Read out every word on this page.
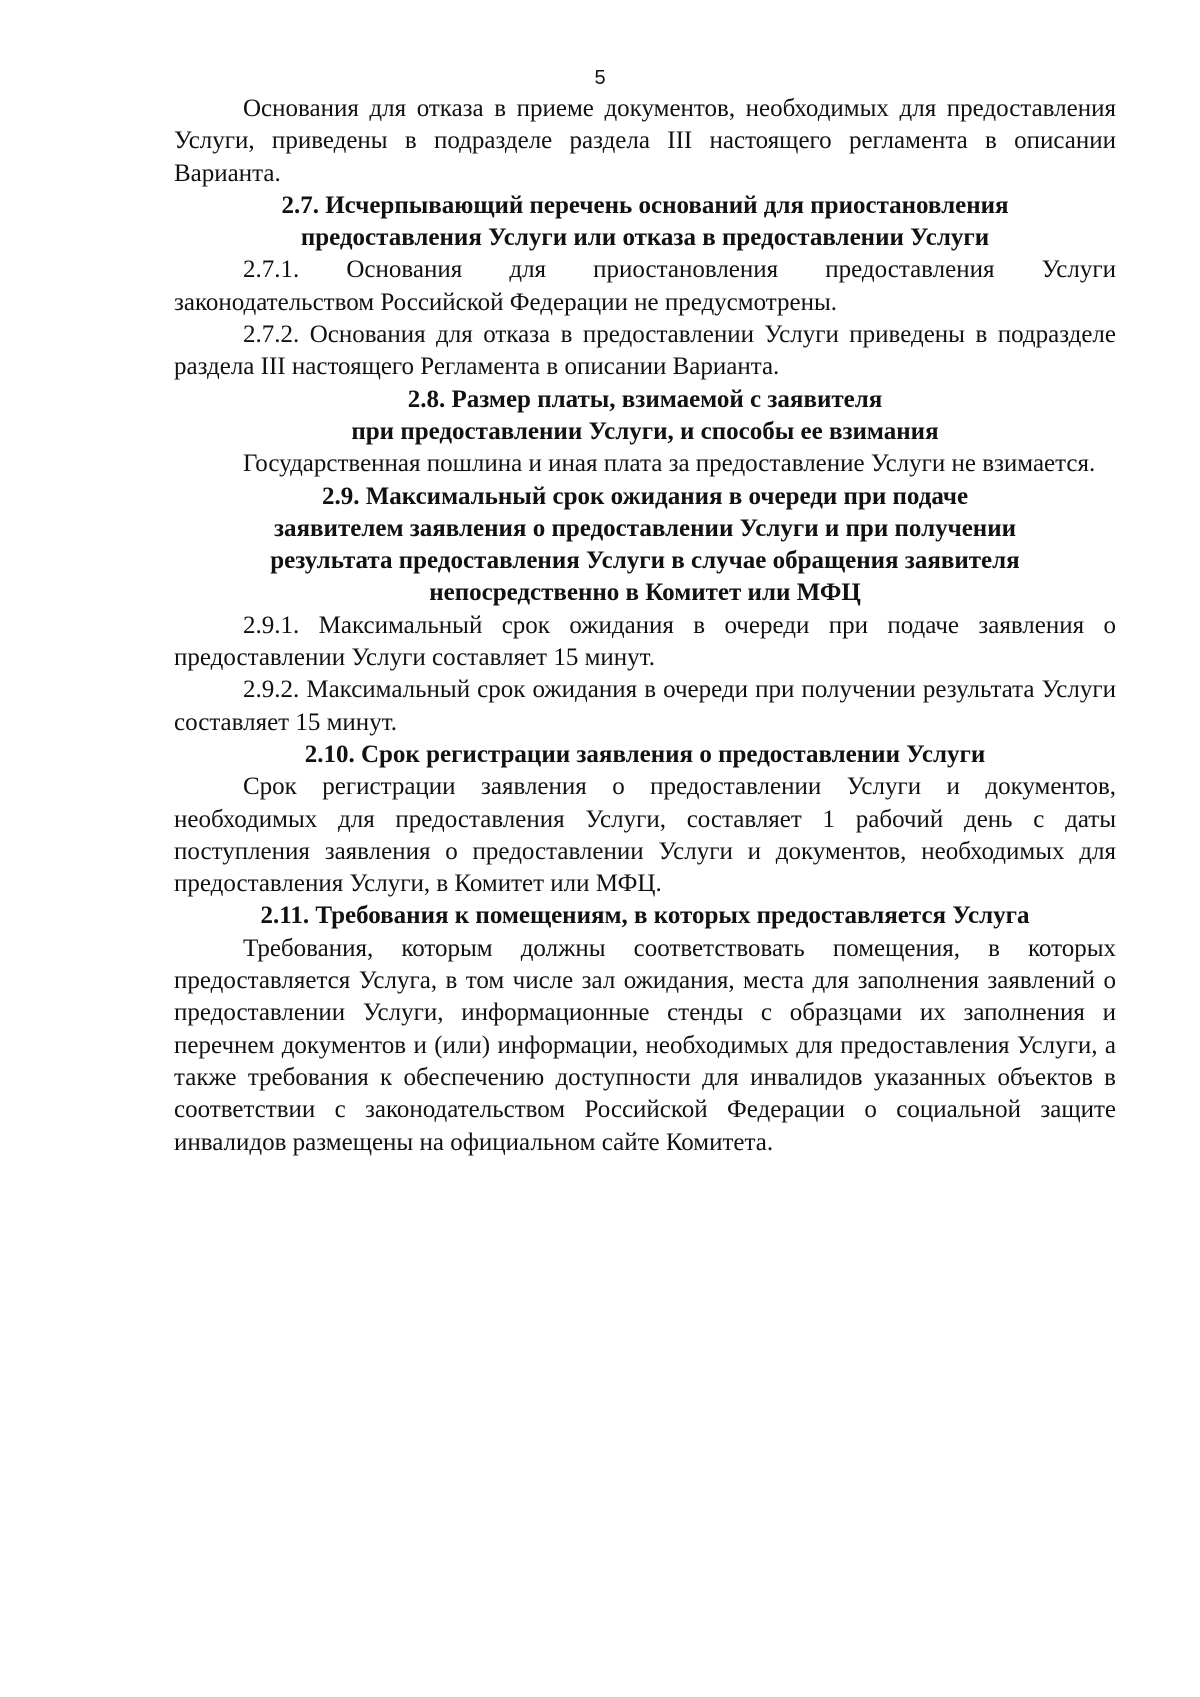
5

Основания для отказа в приеме документов, необходимых для предоставления Услуги, приведены в подразделе раздела III настоящего регламента в описании Варианта.

2.7. Исчерпывающий перечень оснований для приостановления
предоставления Услуги или отказа в предоставлении Услуги

2.7.1. Основания для приостановления предоставления Услуги законодательством Российской Федерации не предусмотрены.

2.7.2. Основания для отказа в предоставлении Услуги приведены в подразделе раздела III настоящего Регламента в описании Варианта.

2.8. Размер платы, взимаемой с заявителя
при предоставлении Услуги, и способы ее взимания

Государственная пошлина и иная плата за предоставление Услуги не взимается.

2.9. Максимальный срок ожидания в очереди при подаче
заявителем заявления о предоставлении Услуги и при получении
результата предоставления Услуги в случае обращения заявителя
непосредственно в Комитет или МФЦ

2.9.1. Максимальный срок ожидания в очереди при подаче заявления о предоставлении Услуги составляет 15 минут.

2.9.2. Максимальный срок ожидания в очереди при получении результата Услуги составляет 15 минут.

2.10. Срок регистрации заявления о предоставлении Услуги

Срок регистрации заявления о предоставлении Услуги и документов, необходимых для предоставления Услуги, составляет 1 рабочий день с даты поступления заявления о предоставлении Услуги и документов, необходимых для предоставления Услуги, в Комитет или МФЦ.

2.11. Требования к помещениям, в которых предоставляется Услуга

Требования, которым должны соответствовать помещения, в которых предоставляется Услуга, в том числе зал ожидания, места для заполнения заявлений о предоставлении Услуги, информационные стенды с образцами их заполнения и перечнем документов и (или) информации, необходимых для предоставления Услуги, а также требования к обеспечению доступности для инвалидов указанных объектов в соответствии с законодательством Российской Федерации о социальной защите инвалидов размещены на официальном сайте Комитета.
